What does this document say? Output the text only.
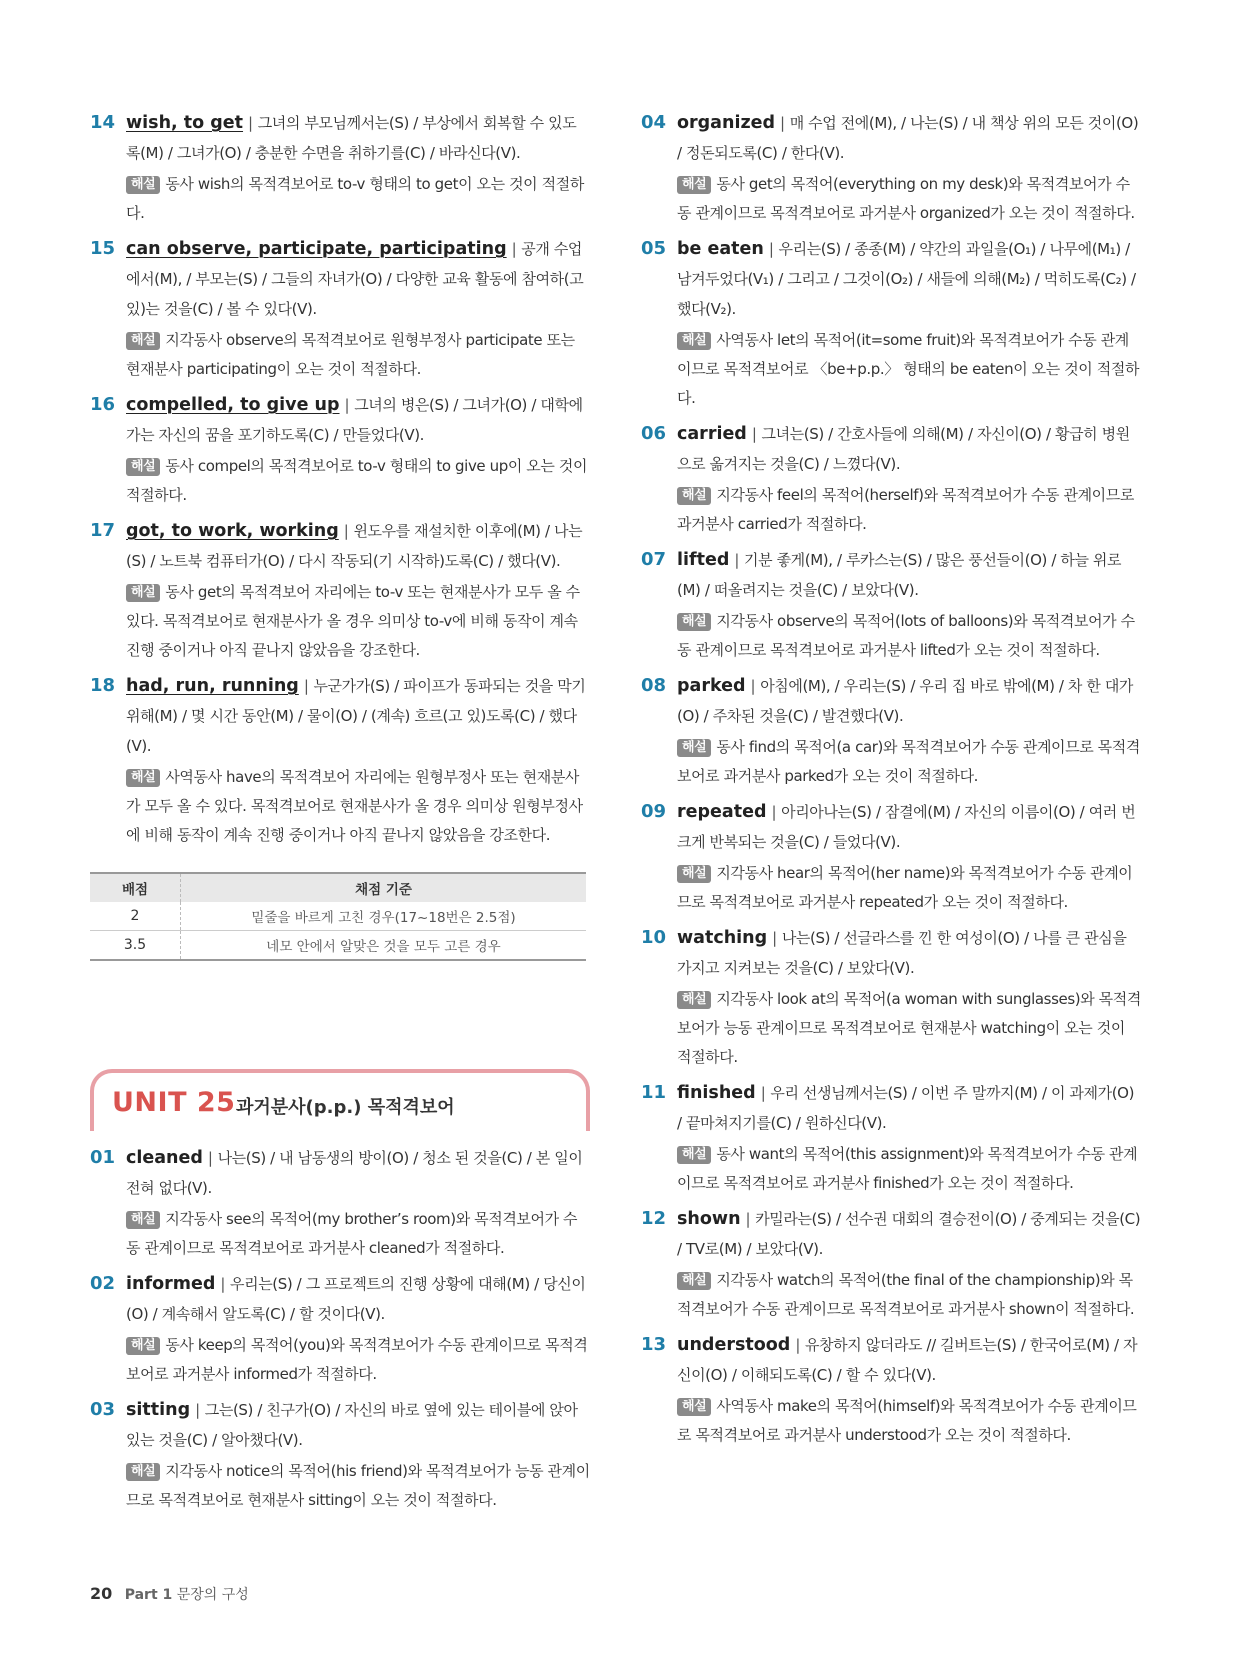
14 wish, to get | 그녀의 부모님께서는(S) / 부상에서 회복할 수 있도록(M) / 그녀가(O) / 충분한 수면을 취하기를(C) / 바라신다(V).
해설 동사 wish의 목적격보어로 to-v 형태의 to get이 오는 것이 적절하다.
15 can observe, participate, participating | 공개 수업에서(M), / 부모는(S) / 그들의 자녀가(O) / 다양한 교육 활동에 참여하(고 있)는 것을(C) / 볼 수 있다(V).
해설 지각동사 observe의 목적격보어로 원형부정사 participate 또는 현재분사 participating이 오는 것이 적절하다.
16 compelled, to give up | 그녀의 병은(S) / 그녀가(O) / 대학에 가는 자신의 꿈을 포기하도록(C) / 만들었다(V).
해설 동사 compel의 목적격보어로 to-v 형태의 to give up이 오는 것이 적절하다.
17 got, to work, working | 윈도우를 재설치한 이후에(M) / 나는(S) / 노트북 컴퓨터가(O) / 다시 작동되(기 시작하)도록(C) / 했다(V).
해설 동사 get의 목적격보어 자리에는 to-v 또는 현재분사가 모두 올 수 있다. 목적격보어로 현재분사가 올 경우 의미상 to-v에 비해 동작이 계속 진행 중이거나 아직 끝나지 않았음을 강조한다.
18 had, run, running | 누군가가(S) / 파이프가 동파되는 것을 막기 위해(M) / 몇 시간 동안(M) / 물이(O) / (계속) 흐르(고 있)도록(C) / 했다(V).
해설 사역동사 have의 목적격보어 자리에는 원형부정사 또는 현재분사가 모두 올 수 있다. 목적격보어로 현재분사가 올 경우 의미상 원형부정사에 비해 동작이 계속 진행 중이거나 아직 끝나지 않았음을 강조한다.
배점	채점 기준
2	밑줄을 바르게 고친 경우(17~18번은 2.5점)
3.5	네모 안에서 알맞은 것을 모두 고른 경우
UNIT 25 과거분사(p.p.) 목적격보어
01 cleaned | 나는(S) / 내 남동생의 방이(O) / 청소 된 것을(C) / 본 일이 전혀 없다(V).
해설 지각동사 see의 목적어(my brother’s room)와 목적격보어가 수동 관계이므로 목적격보어로 과거분사 cleaned가 적절하다.
02 informed | 우리는(S) / 그 프로젝트의 진행 상황에 대해(M) / 당신이(O) / 계속해서 알도록(C) / 할 것이다(V).
해설 동사 keep의 목적어(you)와 목적격보어가 수동 관계이므로 목적격보어로 과거분사 informed가 적절하다.
03 sitting | 그는(S) / 친구가(O) / 자신의 바로 옆에 있는 테이블에 앉아 있는 것을(C) / 알아챘다(V).
해설 지각동사 notice의 목적어(his friend)와 목적격보어가 능동 관계이므로 목적격보어로 현재분사 sitting이 오는 것이 적절하다.
04 organized | 매 수업 전에(M), / 나는(S) / 내 책상 위의 모든 것이(O) / 정돈되도록(C) / 한다(V).
해설 동사 get의 목적어(everything on my desk)와 목적격보어가 수동 관계이므로 목적격보어로 과거분사 organized가 오는 것이 적절하다.
05 be eaten | 우리는(S) / 종종(M) / 약간의 과일을(O₁) / 나무에(M₁) / 남겨두었다(V₁) / 그리고 / 그것이(O₂) / 새들에 의해(M₂) / 먹히도록(C₂) / 했다(V₂).
해설 사역동사 let의 목적어(it=some fruit)와 목적격보어가 수동 관계이므로 목적격보어로 〈be+p.p.〉 형태의 be eaten이 오는 것이 적절하다.
06 carried | 그녀는(S) / 간호사들에 의해(M) / 자신이(O) / 황급히 병원으로 옮겨지는 것을(C) / 느꼈다(V).
해설 지각동사 feel의 목적어(herself)와 목적격보어가 수동 관계이므로 과거분사 carried가 적절하다.
07 lifted | 기분 좋게(M), / 루카스는(S) / 많은 풍선들이(O) / 하늘 위로(M) / 떠올려지는 것을(C) / 보았다(V).
해설 지각동사 observe의 목적어(lots of balloons)와 목적격보어가 수동 관계이므로 목적격보어로 과거분사 lifted가 오는 것이 적절하다.
08 parked | 아침에(M), / 우리는(S) / 우리 집 바로 밖에(M) / 차 한 대가(O) / 주차된 것을(C) / 발견했다(V).
해설 동사 find의 목적어(a car)와 목적격보어가 수동 관계이므로 목적격보어로 과거분사 parked가 오는 것이 적절하다.
09 repeated | 아리아나는(S) / 잠결에(M) / 자신의 이름이(O) / 여러 번 크게 반복되는 것을(C) / 들었다(V).
해설 지각동사 hear의 목적어(her name)와 목적격보어가 수동 관계이므로 목적격보어로 과거분사 repeated가 오는 것이 적절하다.
10 watching | 나는(S) / 선글라스를 낀 한 여성이(O) / 나를 큰 관심을 가지고 지켜보는 것을(C) / 보았다(V).
해설 지각동사 look at의 목적어(a woman with sunglasses)와 목적격보어가 능동 관계이므로 목적격보어로 현재분사 watching이 오는 것이 적절하다.
11 finished | 우리 선생님께서는(S) / 이번 주 말까지(M) / 이 과제가(O) / 끝마쳐지기를(C) / 원하신다(V).
해설 동사 want의 목적어(this assignment)와 목적격보어가 수동 관계이므로 목적격보어로 과거분사 finished가 오는 것이 적절하다.
12 shown | 카밀라는(S) / 선수권 대회의 결승전이(O) / 중계되는 것을(C) / TV로(M) / 보았다(V).
해설 지각동사 watch의 목적어(the final of the championship)와 목적격보어가 수동 관계이므로 목적격보어로 과거분사 shown이 적절하다.
13 understood | 유창하지 않더라도 // 길버트는(S) / 한국어로(M) / 자신이(O) / 이해되도록(C) / 할 수 있다(V).
해설 사역동사 make의 목적어(himself)와 목적격보어가 수동 관계이므로 목적격보어로 과거분사 understood가 오는 것이 적절하다.
20 Part 1 문장의 구성
